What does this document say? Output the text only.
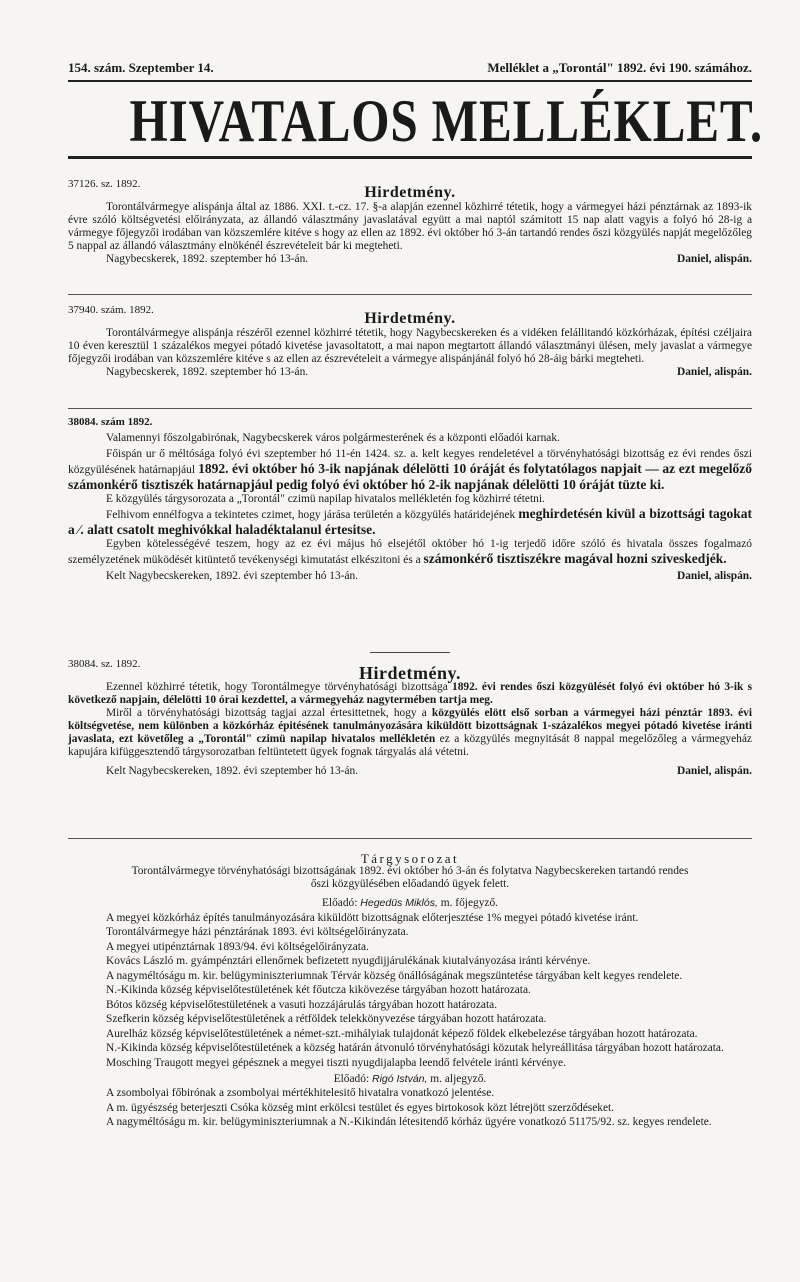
154. szám. Szeptember 14.	Melléklet a „Torontál" 1892. évi 190. számához.
HIVATALOS MELLÉKLET.
37126. sz. 1892.	Hirdetmény.

Torontálvármegye alispánja által az 1886. XXI. t.-cz. 17. §-a alapján ezennel közhirré tétetik, hogy a vármegyei házi pénztárnak az 1893-ik évre szóló költségvetési előirányzata, az állandó választmány javaslatával együtt a mai naptól számitott 15 nap alatt vagyis a folyó hó 28-ig a vármegye főjegyzői irodában van közszemlére kitéve s hogy az ellen az 1892. évi október hó 3-án tartandó rendes őszi közgyülés napját megelőzőleg 5 nappal az állandó választmány elnökénél észrevételeit bár ki megteheti.

Nagybecskerek, 1892. szeptember hó 13-án.	Daniel, alispán.
37940. szám. 1892.	Hirdetmény.

Torontálvármegye alispánja részéről ezennel közhirré tétetik, hogy Nagybecskereken és a vidéken felállitandó közkórházak, építési czéljaira 10 éven keresztül 1 százalékos megyei pótadó kivetése javasoltatott, a mai napon megtartott állandó választmányi ülésen, mely javaslat a vármegye főjegyzői irodában van közszemlére kitéve s az ellen az észrevételeit a vármegye alispánjánál folyó hó 28-áig bárki megteheti.

Nagybecskerek, 1892. szeptember hó 13-án.	Daniel, alispán.
38084. szám 1892.

Valamennyi főszolgabirónak, Nagybecskerek város polgármesterének és a központi előadói karnak.

Főispán ur ő méltósága folyó évi szeptember hó 11-én 1424. sz. a. kelt kegyes rendeletével a törvényhatósági bizottság ez évi rendes őszi közgyülésének határnapjául 1892. évi október hó 3-ik napjának délelötti 10 óráját és folytatólagos napjait — az ezt megelőző számonkérő tisztiszék határnapjául pedig folyó évi október hó 2-ik napjának délelötti 10 óráját tüzte ki.

E közgyülés tárgysorozata a „Torontál" czimü napilap hivatalos mellékletén fog közhirré tétetni.

Felhivom ennélfogva a tekintetes czimet, hogy járása területén a közgyülés határidejének meghirdetésén kivül a bizottsági tagokat a ⁄. alatt csatolt meghivókkal haladéktalanul értesitse.

Egyben kötelességévé teszem, hogy az ez évi május hó elsejétől október hó 1-ig terjedő időre szóló és hivatala összes fogalmazó személyzetének müködését kitüntető tevékenységi kimutatást elkészitoni és a számonkérő tisztiszékre magával hozni sziveskedjék.

Kelt Nagybecskereken, 1892. évi szeptember hó 13-án.	Daniel, alispán.
38084. sz. 1892.	Hirdetmény.

Ezennel közhirré tétetik, hogy Torontálmegye törvényhatósági bizottsága 1892. évi rendes őszi közgyülését folyó évi október hó 3-ik s következő napjain, délelötti 10 órai kezdettel, a vármegyeház nagytermében tartja meg.

Miről a törvényhatósági bizottság tagjai azzal értesittetnek, hogy a közgyülés elött első sorban a vármegyei házi pénztár 1893. évi költségvetése, nem különben a közkórház épitésének tanulmányozására kiküldött bizottságnak 1-százalékos megyei pótadó kivetése iránti javaslata, ezt követőleg a „Torontál" czimü napilap hivatalos mellékletén ez a közgyülés megnyitását 8 nappal megelőzőleg a vármegyeház kapujára kifüggesztendő tárgysorozatban feltüntetett ügyek fognak tárgyalás alá vétetni.

Kelt Nagybecskereken, 1892. évi szeptember hó 13-án.	Daniel, alispán.

Tárgysorozat

Torontálvármegye törvényhatósági bizottságának 1892. évi október hó 3-án és folytatva Nagybecskereken tartandó rendes őszi közgyülésében előadandó ügyek felett.

Előadó: Hegedüs Miklós, m. főjegyző.

A megyei közkórház építés tanulmányozására kiküldött bizottságnak előterjesztése 1% megyei pótadó kivetése iránt.

Torontálvármegye házi pénztárának 1893. évi költségelőirányzata.

A megyei utipénztárnak 1893/94. évi költségelőirányzata.

Kovács László m. gyámpénztári ellenőrnek befizetett nyugdijjárulékának kiutalványozása iránti kérvénye.

A nagyméltóságu m. kir. belügyminiszteriumnak Térvár község önállóságának megszüntetése tárgyában kelt kegyes rendelete.

N.-Kikinda község képviselőtestületének két főutcza kikövezése tárgyában hozott határozata.

Bótos község képviselőtestületének a vasuti hozzájárulás tárgyában hozott határozata.

Szefkerin község képviselőtestületének a rétföldek telekkönyvezése tárgyában hozott határozata.

Aurelház község képviselőtestületének a német-szt.-mihályiak tulajdonát képező földek elkebelezése tárgyában hozott határozata.

N.-Kikinda község képviselőtestületének a község határán átvonuló törvényhatósági közutak helyreállitása tárgyában hozott határozata.

Mosching Traugott megyei gépésznek a megyei tiszti nyugdijalapba leendő felvétele iránti kérvénye.

Előadó: Rigó István, m. aljegyző.

A zsombolyai főbirónak a zsombolyai mértékhitelesitő hivatalra vonatkozó jelentése.

A m. ügyészség beterjeszti Csóka község mint erkölcsi testület és egyes birtokosok közt létrejött szerződéseket.

A nagyméltóságu m. kir. belügyminiszteriumnak a N.-Kikindán létesitendő kórház ügyére vonatkozó 51175/92. sz. kegyes rendelete.
